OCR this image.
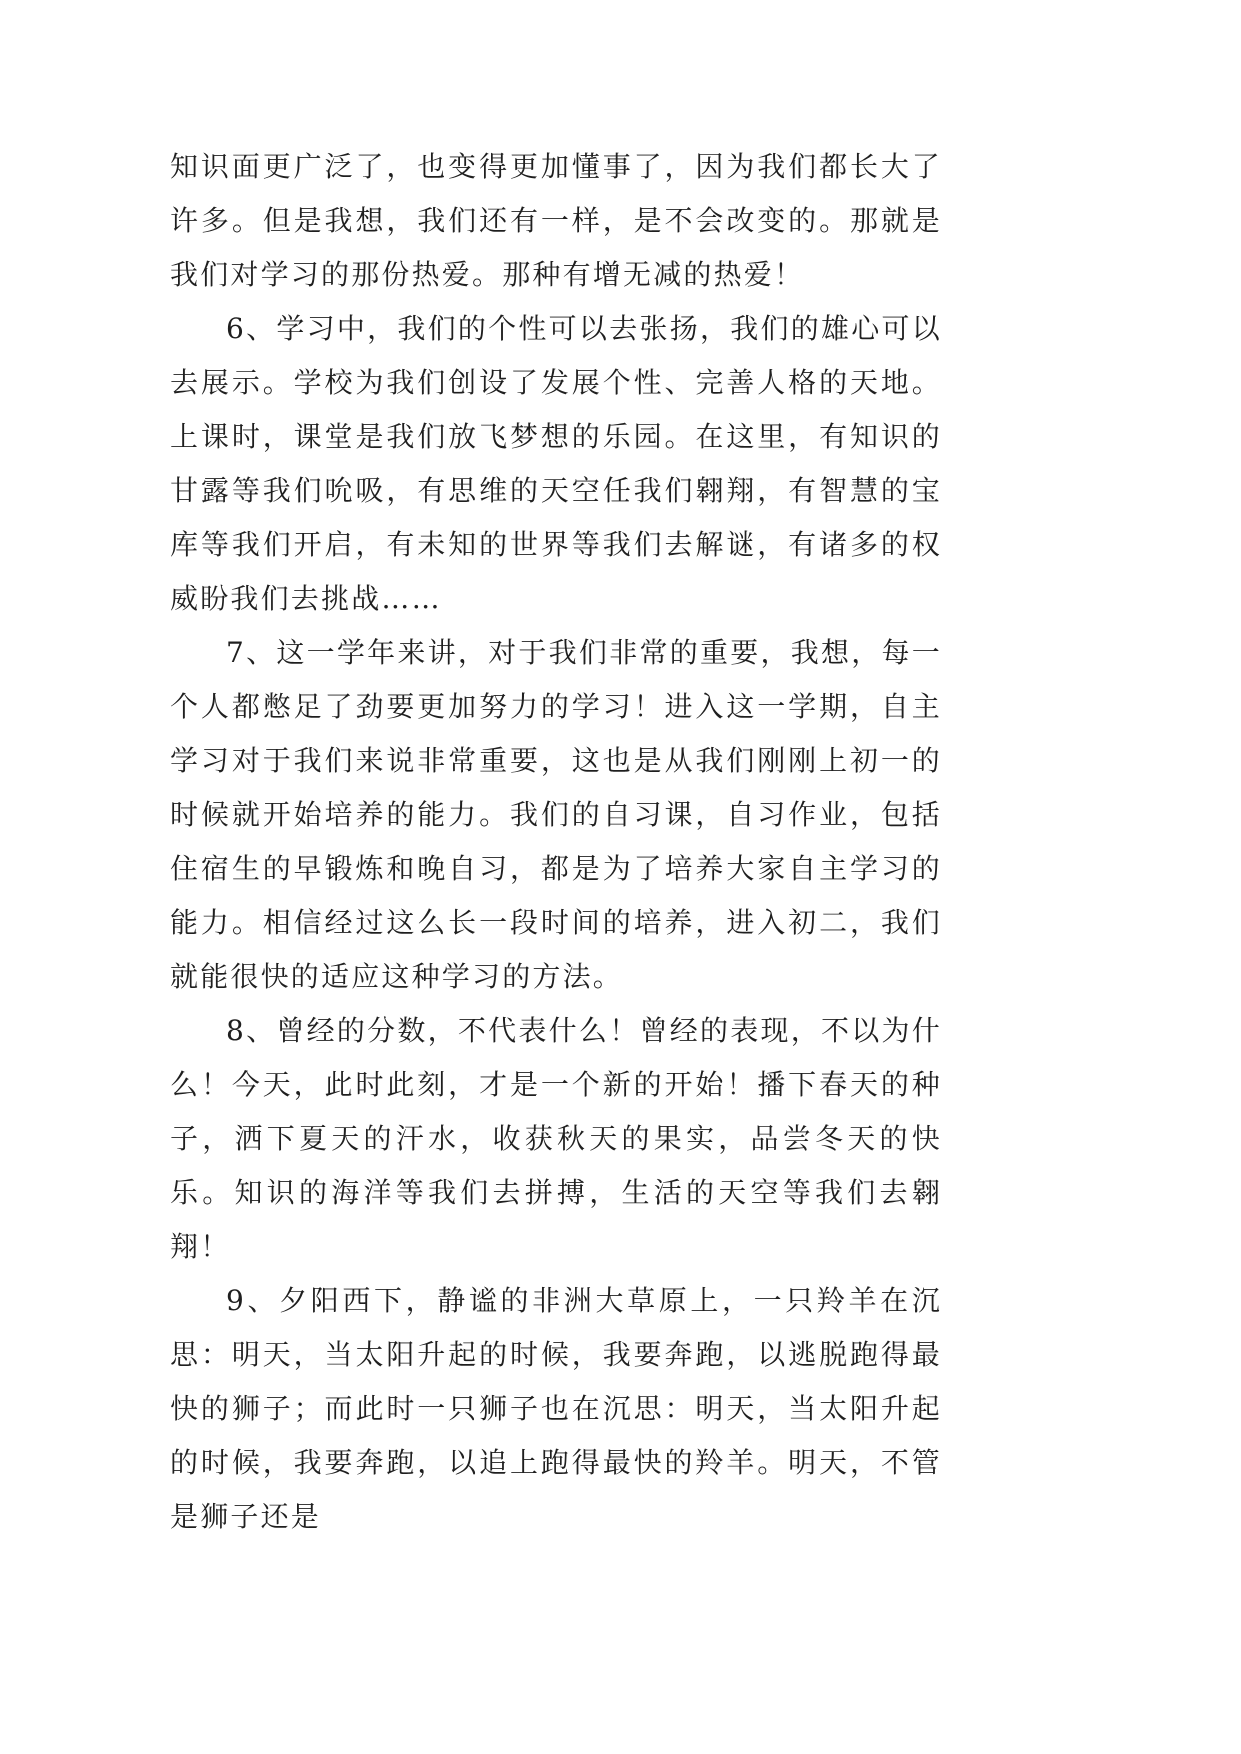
知识面更广泛了，也变得更加懂事了，因为我们都长大了许多。但是我想，我们还有一样，是不会改变的。那就是我们对学习的那份热爱。那种有增无减的热爱！

6、学习中，我们的个性可以去张扬，我们的雄心可以去展示。学校为我们创设了发展个性、完善人格的天地。上课时，课堂是我们放飞梦想的乐园。在这里，有知识的甘露等我们吮吸，有思维的天空任我们翱翔，有智慧的宝库等我们开启，有未知的世界等我们去解谜，有诸多的权威盼我们去挑战……

7、这一学年来讲，对于我们非常的重要，我想，每一个人都憋足了劲要更加努力的学习！进入这一学期，自主学习对于我们来说非常重要，这也是从我们刚刚上初一的时候就开始培养的能力。我们的自习课，自习作业，包括住宿生的早锻炼和晚自习，都是为了培养大家自主学习的能力。相信经过这么长一段时间的培养，进入初二，我们就能很快的适应这种学习的方法。

8、曾经的分数，不代表什么！曾经的表现，不以为什么！今天，此时此刻，才是一个新的开始！播下春天的种子，洒下夏天的汗水，收获秋天的果实，品尝冬天的快乐。知识的海洋等我们去拼搏，生活的天空等我们去翱翔！

9、夕阳西下，静谧的非洲大草原上，一只羚羊在沉思：明天，当太阳升起的时候，我要奔跑，以逃脱跑得最快的狮子；而此时一只狮子也在沉思：明天，当太阳升起的时候，我要奔跑，以追上跑得最快的羚羊。明天，不管是狮子还是
